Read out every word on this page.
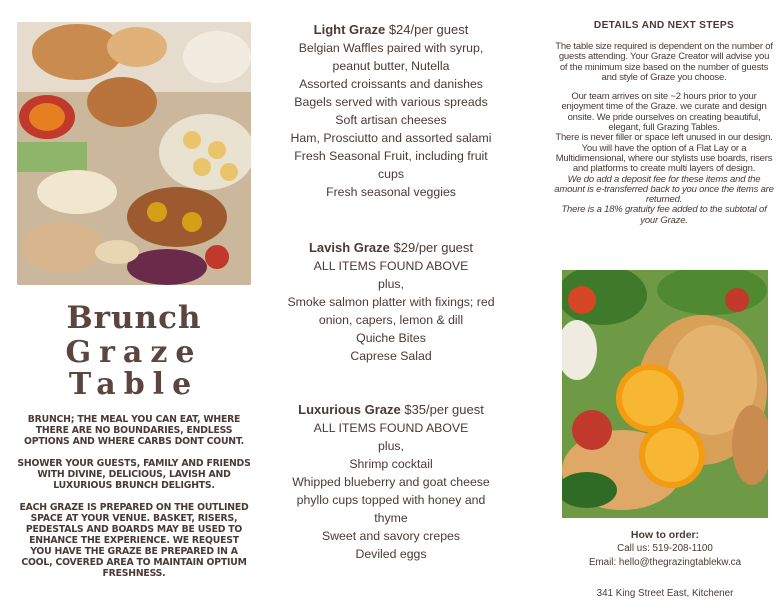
Brunch
Graze Table

BRUNCH; THE MEAL YOU CAN EAT, WHERE THERE ARE NO BOUNDARIES, ENDLESS OPTIONS AND WHERE CARBS DONT COUNT.

SHOWER YOUR GUESTS, FAMILY AND FRIENDS WITH DIVINE, DELICIOUS, LAVISH AND LUXURIOUS BRUNCH DELIGHTS.

EACH GRAZE IS PREPARED ON THE OUTLINED SPACE AT YOUR VENUE. BASKET, RISERS, PEDESTALS AND BOARDS MAY BE USED TO ENHANCE THE EXPERIENCE. WE REQUEST YOU HAVE THE GRAZE BE PREPARED IN A COOL, COVERED AREA TO MAINTAIN OPTIUM FRESHNESS.

Light Graze $24/per guest
Belgian Waffles paired with syrup,
peanut butter, Nutella
Assorted croissants and danishes
Bagels served with various spreads
Soft artisan cheeses
Ham, Prosciutto and assorted salami
Fresh Seasonal Fruit, including fruit
cups
Fresh seasonal veggies
Lavish Graze $29/per guest
ALL ITEMS FOUND ABOVE
plus,
Smoke salmon platter with fixings; red
onion, capers, lemon & dill
Quiche Bites
Caprese Salad
Luxurious Graze $35/per guest
ALL ITEMS FOUND ABOVE
plus,
Shrimp cocktail
Whipped blueberry and goat cheese
phyllo cups topped with honey and
thyme
Sweet and savory crepes
Deviled eggs
DETAILS AND NEXT STEPS

The table size required is dependent on the number of guests attending. Your Graze Creator will advise you of the minimum size based on the number of guests and style of Graze you choose.

Our team arrives on site ~2 hours prior to your enjoyment time of the Graze. we curate and design onsite. We pride ourselves on creating beautiful, elegant, full Grazing Tables.

There is never filler or space left unused in our design. You will have the option of a Flat Lay or a Multidimensional, where our stylists use boards, risers and platforms to create multi layers of design.

We do add a deposit fee for these items and the amount is e-transferred back to you once the items are returned.

There is a 18% gratuity fee added to the subtotal of your Graze.

How to order:
Call us: 519-208-1100
Email: hello@thegrazingtablekw.ca
341 King Street East, Kitchener
